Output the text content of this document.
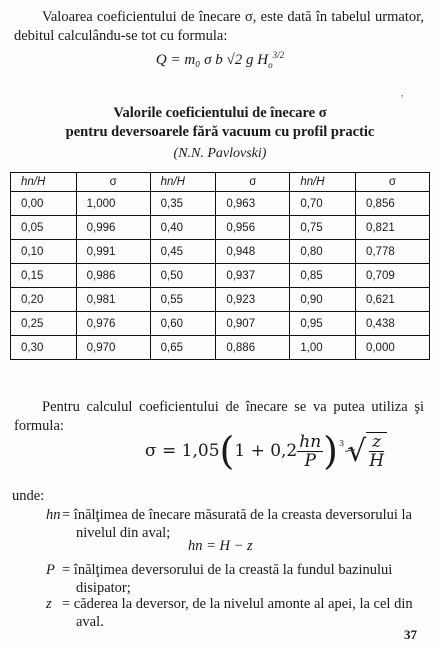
Valoarea coeficientului de înecare σ, este dată în tabelul urmator, debitul calculându-se tot cu formula:
Q = m₀ σ b √2 g $H_o^{3/2}$
,
Valorile coeficientului de înecare σ
pentru deversoarele fără vacuum cu profil practic
(N.N. Pavlovski)
hn/H	σ	hn/H	σ	hn/H	σ
0,00	1,000	0,35	0,963	0,70	0,856
0,05	0,996	0,40	0,956	0,75	0,821
0,10	0,991	0,45	0,948	0,80	0,778
0,15	0,986	0,50	0,937	0,85	0,709
0,20	0,981	0,55	0,923	0,90	0,621
0,25	0,976	0,60	0,907	0,95	0,438
0,30	0,970	0,65	0,886	1,00	0,000
Pentru calculul coeficientului de înecare se va putea utiliza şi formula:
σ = 1,05 ( $1 + 0,2 \frac{hn}{P}$ ) 3 √ $\frac{z}{H}$
unde:
hn = înălţimea de înecare măsurată de la creasta deversorului la
nivelul din aval;
hn = H − z
P = înălţimea deversorului de la creastă la fundul bazinului
disipator;
z = căderea la deversor, de la nivelul amonte al apei, la cel din
aval.
37
